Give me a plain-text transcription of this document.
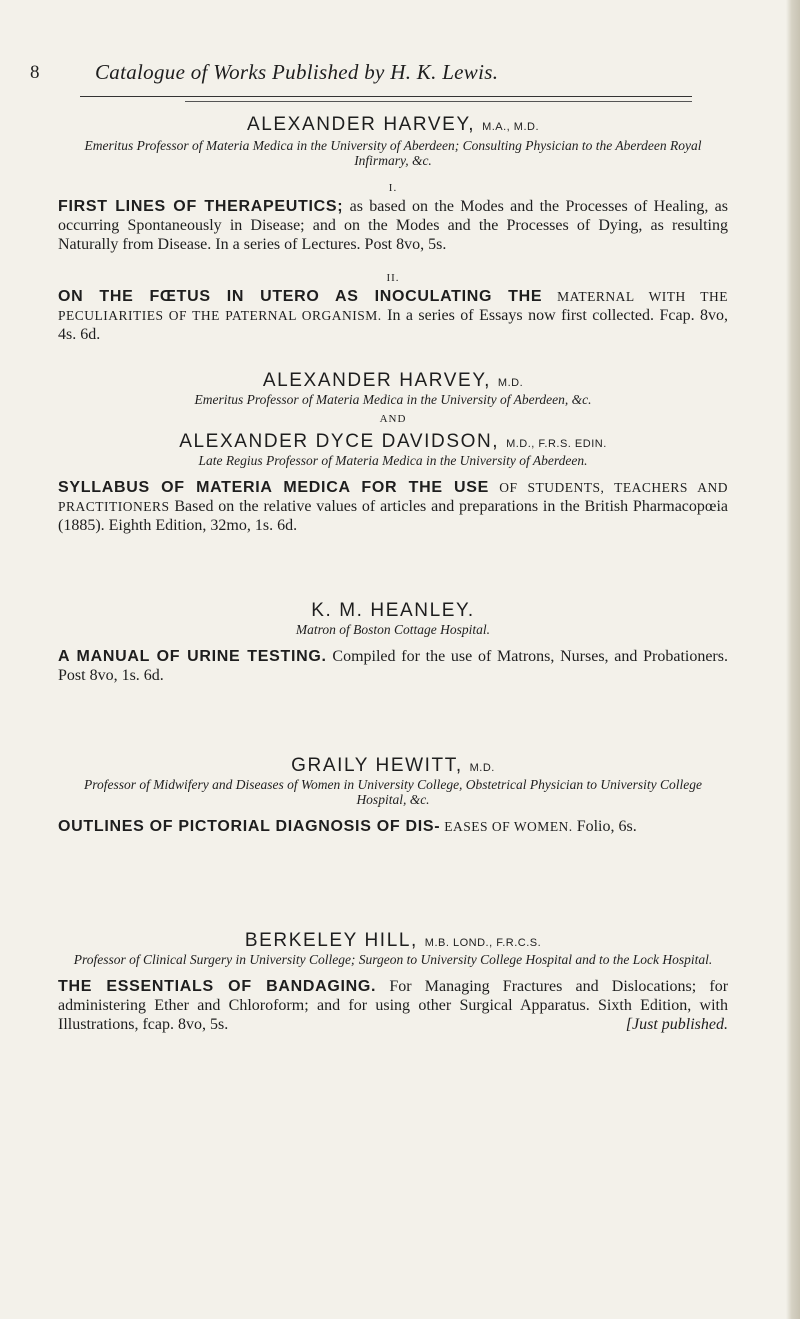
8	Catalogue of Works Published by H. K. Lewis.
ALEXANDER HARVEY, M.A., M.D.
Emeritus Professor of Materia Medica in the University of Aberdeen; Consulting Physician to the Aberdeen Royal Infirmary, &c.
I.
FIRST LINES OF THERAPEUTICS; as based on the Modes and the Processes of Healing, as occurring Spontaneously in Disease; and on the Modes and the Processes of Dying, as resulting Naturally from Disease. In a series of Lectures. Post 8vo, 5s.
II.
ON THE FŒTUS IN UTERO AS INOCULATING THE MATERNAL WITH THE PECULIARITIES OF THE PATERNAL ORGANISM. In a series of Essays now first collected. Fcap. 8vo, 4s. 6d.
ALEXANDER HARVEY, M.D.
Emeritus Professor of Materia Medica in the University of Aberdeen, &c.
AND
ALEXANDER DYCE DAVIDSON, M.D., F.R.S. EDIN.
Late Regius Professor of Materia Medica in the University of Aberdeen.
SYLLABUS OF MATERIA MEDICA FOR THE USE OF STUDENTS, TEACHERS AND PRACTITIONERS Based on the relative values of articles and preparations in the British Pharmacopœia (1885). Eighth Edition, 32mo, 1s. 6d.
K. M. HEANLEY.
Matron of Boston Cottage Hospital.
A MANUAL OF URINE TESTING. Compiled for the use of Matrons, Nurses, and Probationers. Post 8vo, 1s. 6d.
GRAILY HEWITT, M.D.
Professor of Midwifery and Diseases of Women in University College, Obstetrical Physician to University College Hospital, &c.
OUTLINES OF PICTORIAL DIAGNOSIS OF DIS- EASES OF WOMEN. Folio, 6s.
BERKELEY HILL, M.B. LOND., F.R.C.S.
Professor of Clinical Surgery in University College; Surgeon to University College Hospital and to the Lock Hospital.
THE ESSENTIALS OF BANDAGING. For Managing Fractures and Dislocations; for administering Ether and Chloroform; and for using other Surgical Apparatus. Sixth Edition, with Illustrations, fcap. 8vo, 5s.	[Just published.
